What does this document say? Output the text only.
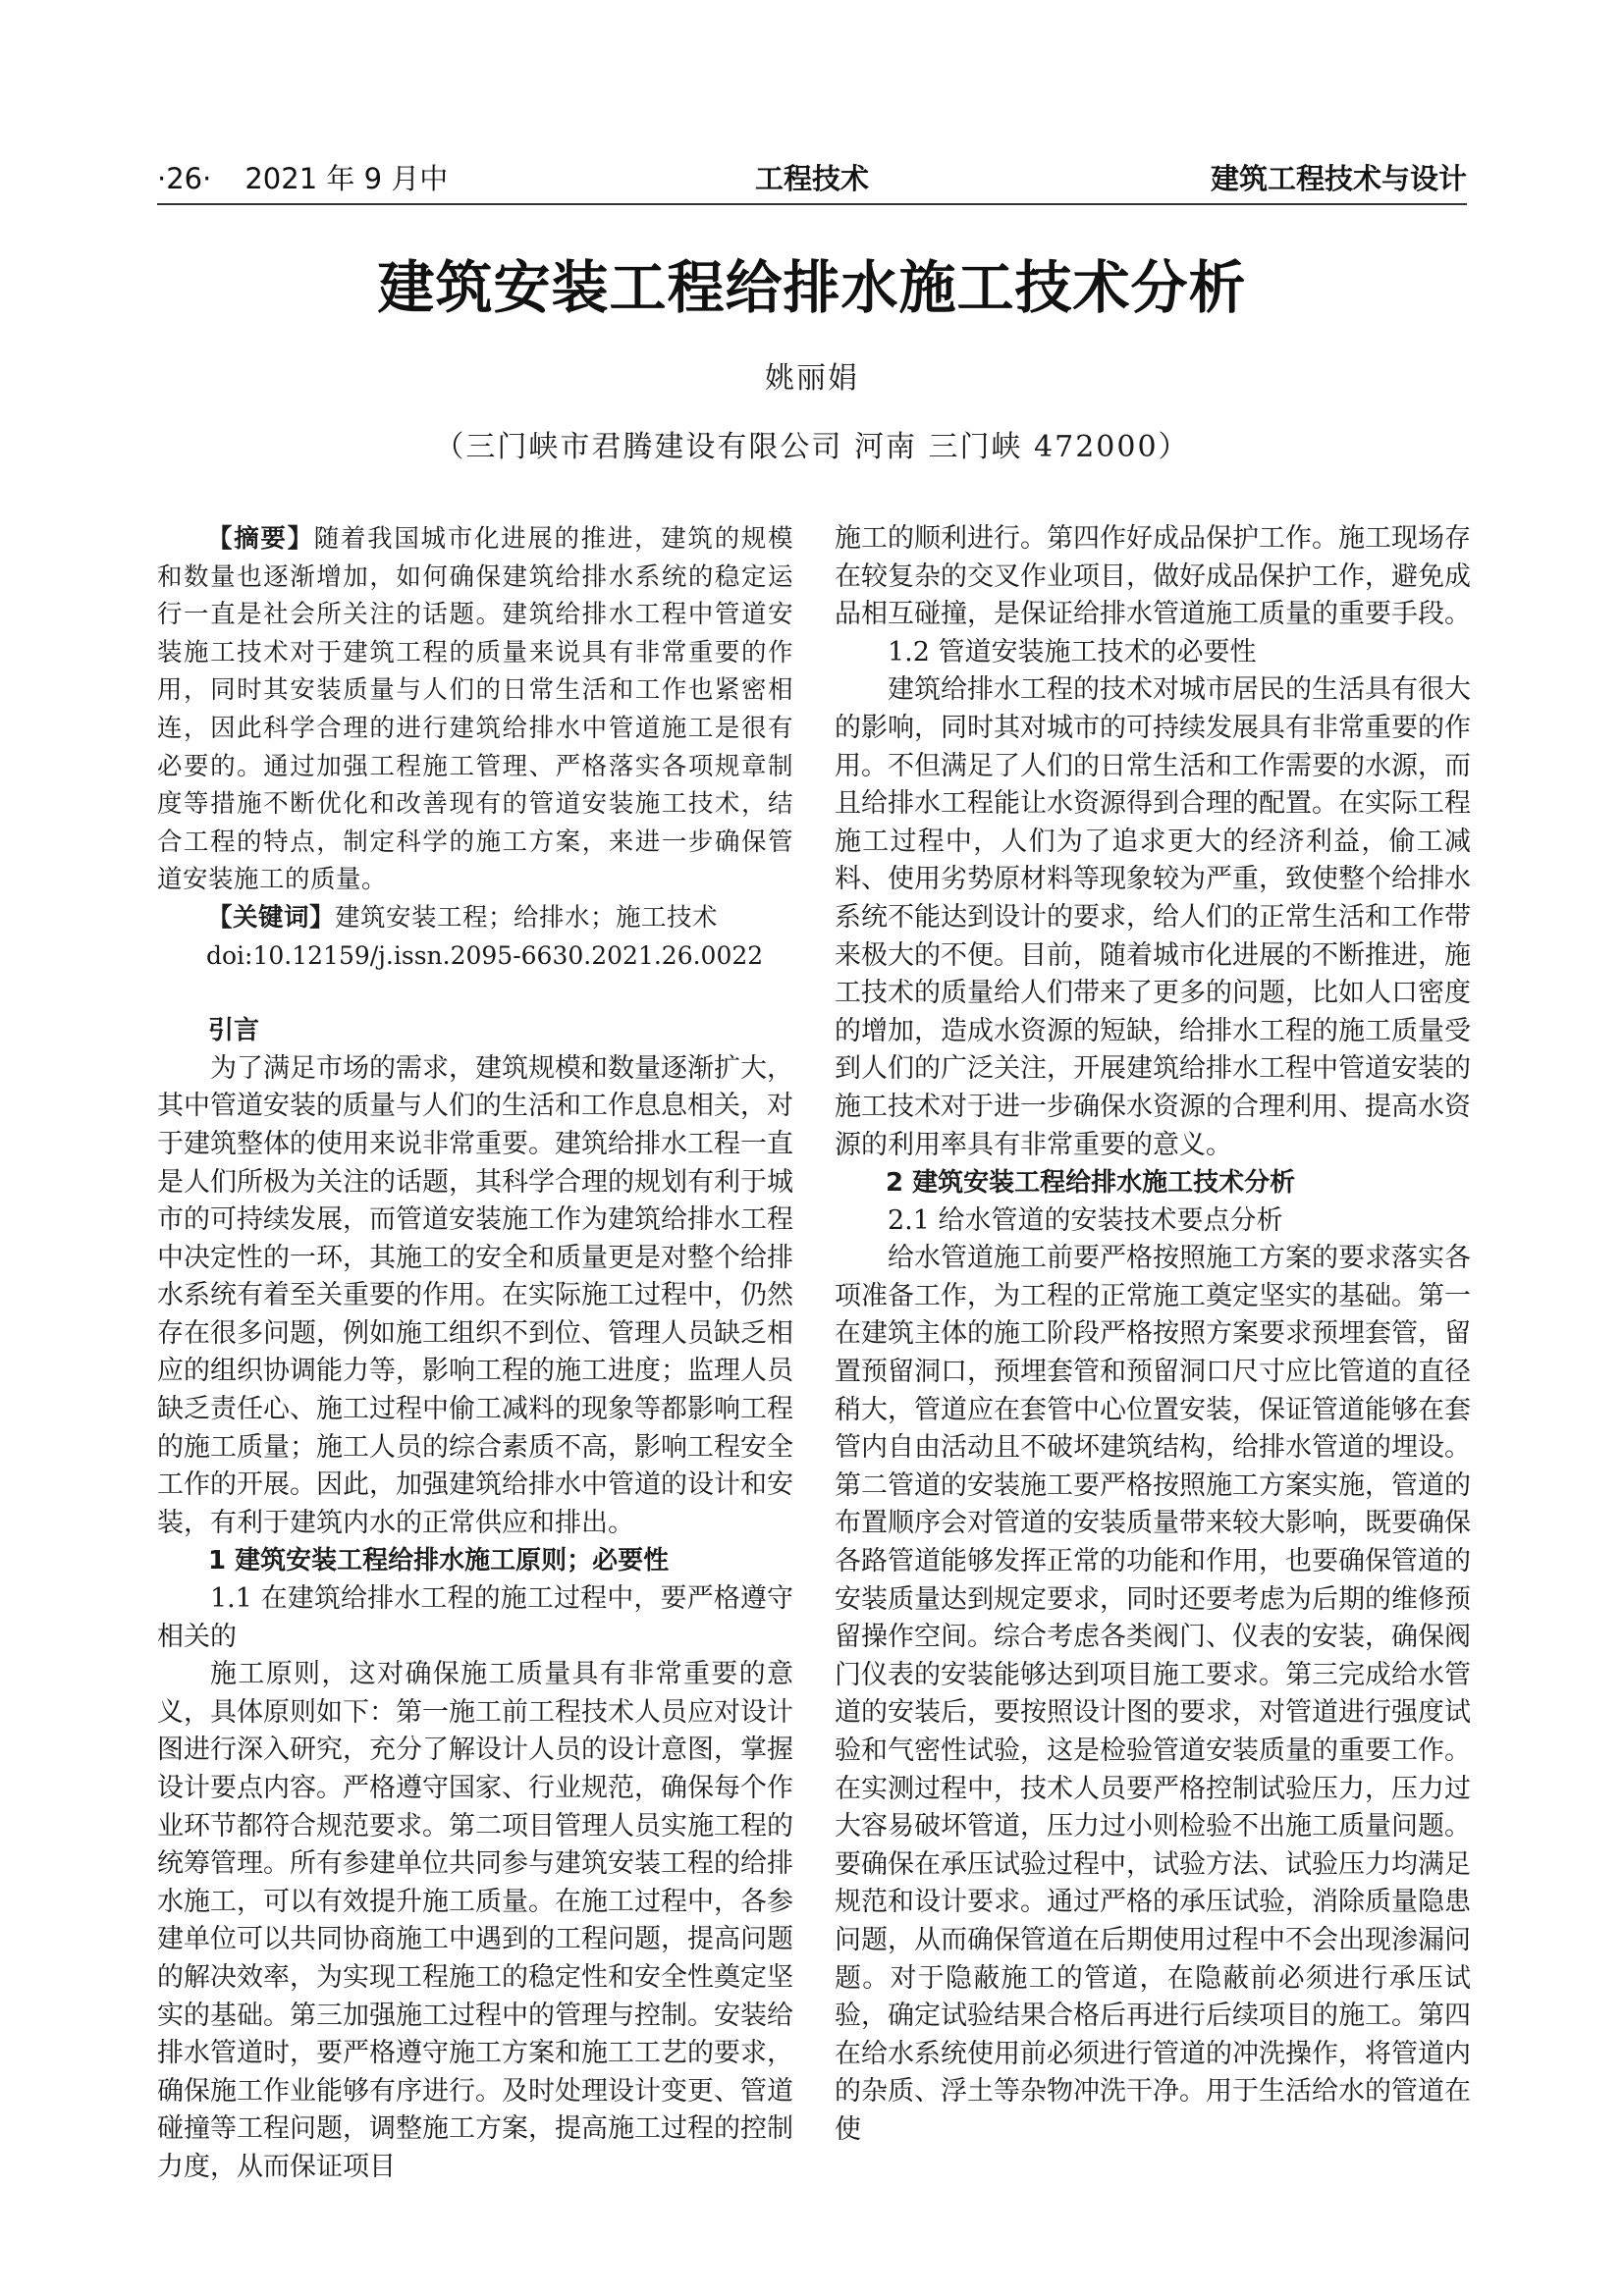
·26· 2021 年 9 月中	工程技术	建筑工程技术与设计
建筑安装工程给排水施工技术分析
姚丽娟
（三门峡市君腾建设有限公司 河南 三门峡 472000）

【摘要】随着我国城市化进展的推进，建筑的规模和数量也逐渐增加，如何确保建筑给排水系统的稳定运行一直是社会所关注的话题。建筑给排水工程中管道安装施工技术对于建筑工程的质量来说具有非常重要的作用，同时其安装质量与人们的日常生活和工作也紧密相连，因此科学合理的进行建筑给排水中管道施工是很有必要的。通过加强工程施工管理、严格落实各项规章制度等措施不断优化和改善现有的管道安装施工技术，结合工程的特点，制定科学的施工方案，来进一步确保管道安装施工的质量。

【关键词】建筑安装工程；给排水；施工技术

doi:10.12159/j.issn.2095-6630.2021.26.0022

引言

为了满足市场的需求，建筑规模和数量逐渐扩大，其中管道安装的质量与人们的生活和工作息息相关，对于建筑整体的使用来说非常重要。建筑给排水工程一直是人们所极为关注的话题，其科学合理的规划有利于城市的可持续发展，而管道安装施工作为建筑给排水工程中决定性的一环，其施工的安全和质量更是对整个给排水系统有着至关重要的作用。在实际施工过程中，仍然存在很多问题，例如施工组织不到位、管理人员缺乏相应的组织协调能力等，影响工程的施工进度；监理人员缺乏责任心、施工过程中偷工减料的现象等都影响工程的施工质量；施工人员的综合素质不高，影响工程安全工作的开展。因此，加强建筑给排水中管道的设计和安装，有利于建筑内水的正常供应和排出。

1 建筑安装工程给排水施工原则；必要性
1.1 在建筑给排水工程的施工过程中，要严格遵守相关的

施工原则，这对确保施工质量具有非常重要的意义，具体原则如下：第一施工前工程技术人员应对设计图进行深入研究，充分了解设计人员的设计意图，掌握设计要点内容。严格遵守国家、行业规范，确保每个作业环节都符合规范要求。第二项目管理人员实施工程的统筹管理。所有参建单位共同参与建筑安装工程的给排水施工，可以有效提升施工质量。在施工过程中，各参建单位可以共同协商施工中遇到的工程问题，提高问题的解决效率，为实现工程施工的稳定性和安全性奠定坚实的基础。第三加强施工过程中的管理与控制。安装给排水管道时，要严格遵守施工方案和施工工艺的要求，确保施工作业能够有序进行。及时处理设计变更、管道碰撞等工程问题，调整施工方案，提高施工过程的控制力度，从而保证项目

施工的顺利进行。第四作好成品保护工作。施工现场存在较复杂的交叉作业项目，做好成品保护工作，避免成品相互碰撞，是保证给排水管道施工质量的重要手段。

1.2 管道安装施工技术的必要性

建筑给排水工程的技术对城市居民的生活具有很大的影响，同时其对城市的可持续发展具有非常重要的作用。不但满足了人们的日常生活和工作需要的水源，而且给排水工程能让水资源得到合理的配置。在实际工程施工过程中，人们为了追求更大的经济利益，偷工减料、使用劣势原材料等现象较为严重，致使整个给排水系统不能达到设计的要求，给人们的正常生活和工作带来极大的不便。目前，随着城市化进展的不断推进，施工技术的质量给人们带来了更多的问题，比如人口密度的增加，造成水资源的短缺，给排水工程的施工质量受到人们的广泛关注，开展建筑给排水工程中管道安装的施工技术对于进一步确保水资源的合理利用、提高水资源的利用率具有非常重要的意义。

2 建筑安装工程给排水施工技术分析
2.1 给水管道的安装技术要点分析

给水管道施工前要严格按照施工方案的要求落实各项准备工作，为工程的正常施工奠定坚实的基础。第一在建筑主体的施工阶段严格按照方案要求预埋套管，留置预留洞口，预埋套管和预留洞口尺寸应比管道的直径稍大，管道应在套管中心位置安装，保证管道能够在套管内自由活动且不破坏建筑结构，给排水管道的埋设。第二管道的安装施工要严格按照施工方案实施，管道的布置顺序会对管道的安装质量带来较大影响，既要确保各路管道能够发挥正常的功能和作用，也要确保管道的安装质量达到规定要求，同时还要考虑为后期的维修预留操作空间。综合考虑各类阀门、仪表的安装，确保阀门仪表的安装能够达到项目施工要求。第三完成给水管道的安装后，要按照设计图的要求，对管道进行强度试验和气密性试验，这是检验管道安装质量的重要工作。在实测过程中，技术人员要严格控制试验压力，压力过大容易破坏管道，压力过小则检验不出施工质量问题。要确保在承压试验过程中，试验方法、试验压力均满足规范和设计要求。通过严格的承压试验，消除质量隐患问题，从而确保管道在后期使用过程中不会出现渗漏问题。对于隐蔽施工的管道，在隐蔽前必须进行承压试验，确定试验结果合格后再进行后续项目的施工。第四在给水系统使用前必须进行管道的冲洗操作，将管道内的杂质、浮土等杂物冲洗干净。用于生活给水的管道在使
